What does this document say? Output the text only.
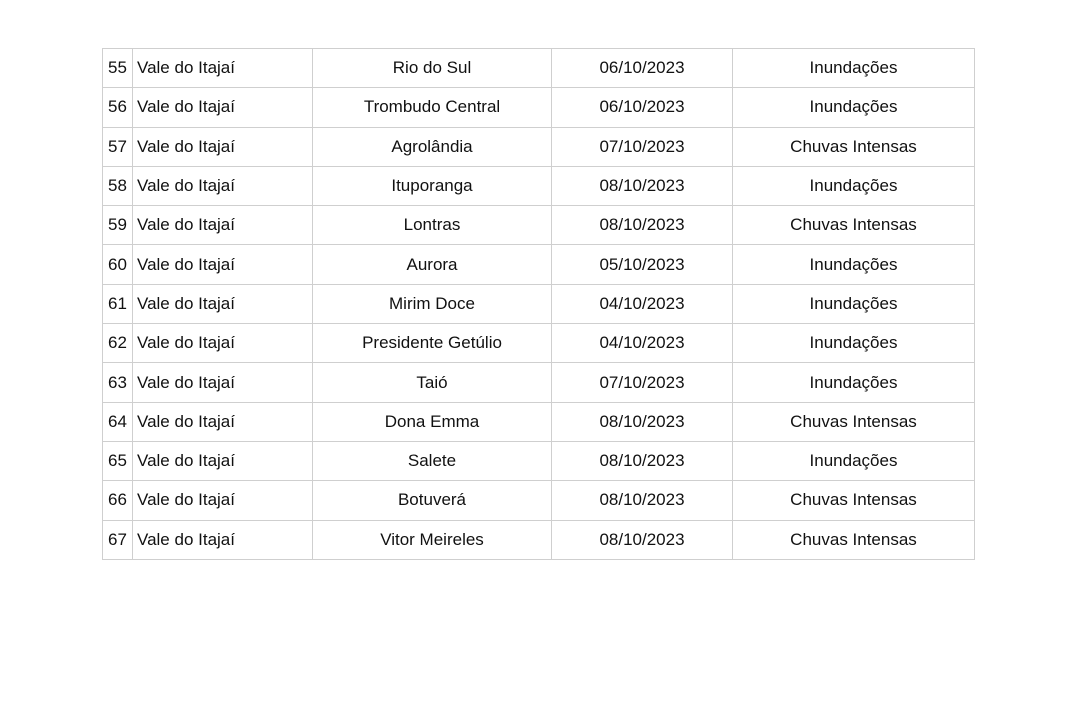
55	Vale do Itajaí	Rio do Sul	06/10/2023	Inundações
56	Vale do Itajaí	Trombudo Central	06/10/2023	Inundações
57	Vale do Itajaí	Agrolândia	07/10/2023	Chuvas Intensas
58	Vale do Itajaí	Ituporanga	08/10/2023	Inundações
59	Vale do Itajaí	Lontras	08/10/2023	Chuvas Intensas
60	Vale do Itajaí	Aurora	05/10/2023	Inundações
61	Vale do Itajaí	Mirim Doce	04/10/2023	Inundações
62	Vale do Itajaí	Presidente Getúlio	04/10/2023	Inundações
63	Vale do Itajaí	Taió	07/10/2023	Inundações
64	Vale do Itajaí	Dona Emma	08/10/2023	Chuvas Intensas
65	Vale do Itajaí	Salete	08/10/2023	Inundações
66	Vale do Itajaí	Botuverá	08/10/2023	Chuvas Intensas
67	Vale do Itajaí	Vitor Meireles	08/10/2023	Chuvas Intensas
